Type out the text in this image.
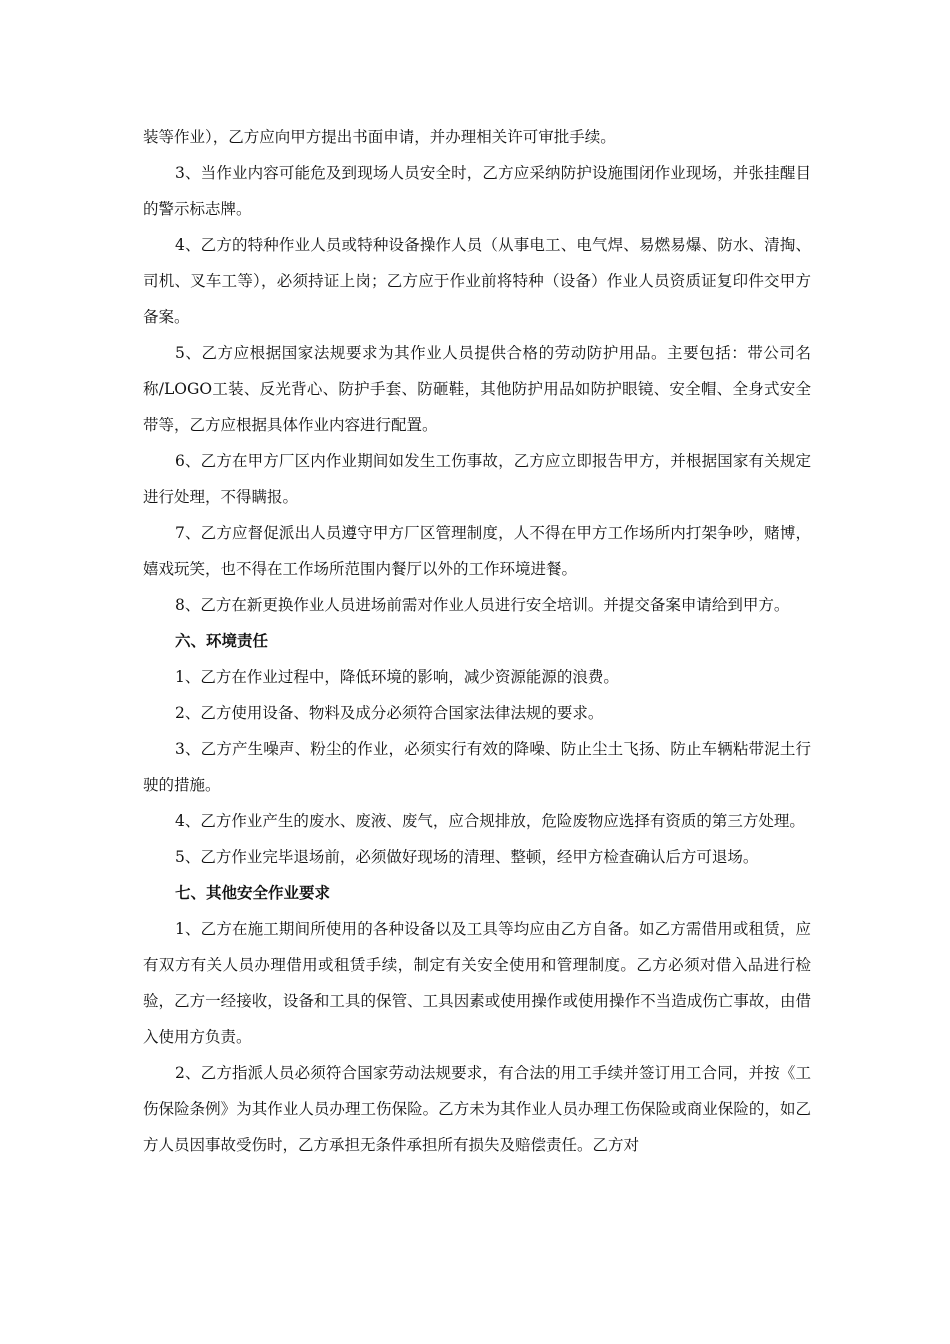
装等作业），乙方应向甲方提出书面申请，并办理相关许可审批手续。

3、当作业内容可能危及到现场人员安全时，乙方应采纳防护设施围闭作业现场，并张挂醒目的警示标志牌。

4、乙方的特种作业人员或特种设备操作人员（从事电工、电气焊、易燃易爆、防水、清掏、司机、叉车工等），必须持证上岗；乙方应于作业前将特种（设备）作业人员资质证复印件交甲方备案。

5、乙方应根据国家法规要求为其作业人员提供合格的劳动防护用品。主要包括：带公司名称/LOGO工装、反光背心、防护手套、防砸鞋，其他防护用品如防护眼镜、安全帽、全身式安全带等，乙方应根据具体作业内容进行配置。

6、乙方在甲方厂区内作业期间如发生工伤事故，乙方应立即报告甲方，并根据国家有关规定进行处理，不得瞒报。

7、乙方应督促派出人员遵守甲方厂区管理制度，人不得在甲方工作场所内打架争吵，赌博，嬉戏玩笑，也不得在工作场所范围内餐厅以外的工作环境进餐。

8、乙方在新更换作业人员进场前需对作业人员进行安全培训。并提交备案申请给到甲方。

六、环境责任

1、乙方在作业过程中，降低环境的影响，减少资源能源的浪费。

2、乙方使用设备、物料及成分必须符合国家法律法规的要求。

3、乙方产生噪声、粉尘的作业，必须实行有效的降噪、防止尘土飞扬、防止车辆粘带泥土行驶的措施。

4、乙方作业产生的废水、废液、废气，应合规排放，危险废物应选择有资质的第三方处理。

5、乙方作业完毕退场前，必须做好现场的清理、整顿，经甲方检查确认后方可退场。

七、其他安全作业要求

1、乙方在施工期间所使用的各种设备以及工具等均应由乙方自备。如乙方需借用或租赁，应有双方有关人员办理借用或租赁手续，制定有关安全使用和管理制度。乙方必须对借入品进行检验，乙方一经接收，设备和工具的保管、工具因素或使用操作或使用操作不当造成伤亡事故，由借入使用方负责。

2、乙方指派人员必须符合国家劳动法规要求，有合法的用工手续并签订用工合同，并按《工伤保险条例》为其作业人员办理工伤保险。乙方未为其作业人员办理工伤保险或商业保险的，如乙方人员因事故受伤时，乙方承担无条件承担所有损失及赔偿责任。乙方对
